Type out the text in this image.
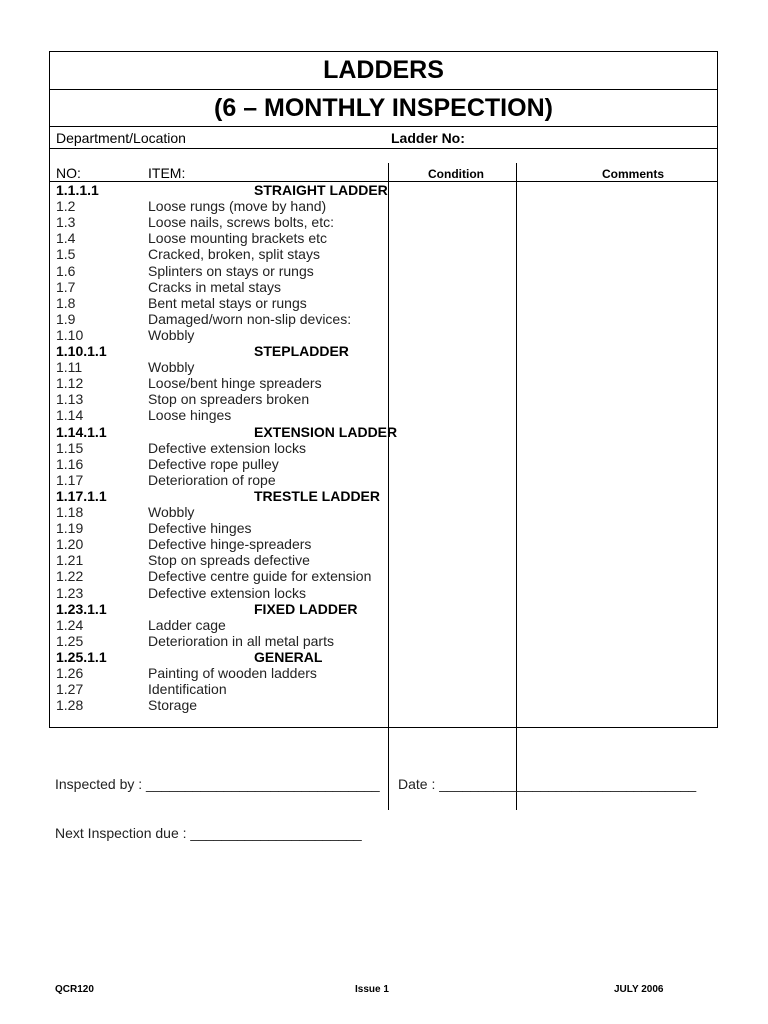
LADDERS
(6 – MONTHLY INSPECTION)
Department/Location	Ladder No:
NO:	ITEM:	Condition	Comments
1.1.1.1	STRAIGHT LADDER
1.2	Loose rungs (move by hand)
1.3	Loose nails, screws bolts, etc:
1.4	Loose mounting brackets etc
1.5	Cracked, broken, split stays
1.6	Splinters on stays or rungs
1.7	Cracks in metal stays
1.8	Bent metal stays or rungs
1.9	Damaged/worn non-slip devices:
1.10	Wobbly
1.10.1.1	STEPLADDER
1.11	Wobbly
1.12	Loose/bent hinge spreaders
1.13	Stop on spreaders broken
1.14	Loose hinges
1.14.1.1	EXTENSION LADDER
1.15	Defective extension locks
1.16	Defective rope pulley
1.17	Deterioration of rope
1.17.1.1	TRESTLE LADDER
1.18	Wobbly
1.19	Defective hinges
1.20	Defective hinge-spreaders
1.21	Stop on spreads defective
1.22	Defective centre guide for extension
1.23	Defective extension locks
1.23.1.1	FIXED LADDER
1.24	Ladder cage
1.25	Deterioration in all metal parts
1.25.1.1	GENERAL
1.26	Painting of wooden ladders
1.27	Identification
1.28	Storage
Inspected by : ______________________________ Date : _________________________________
Next Inspection due : ______________________
QCR120	Issue 1	JULY 2006
